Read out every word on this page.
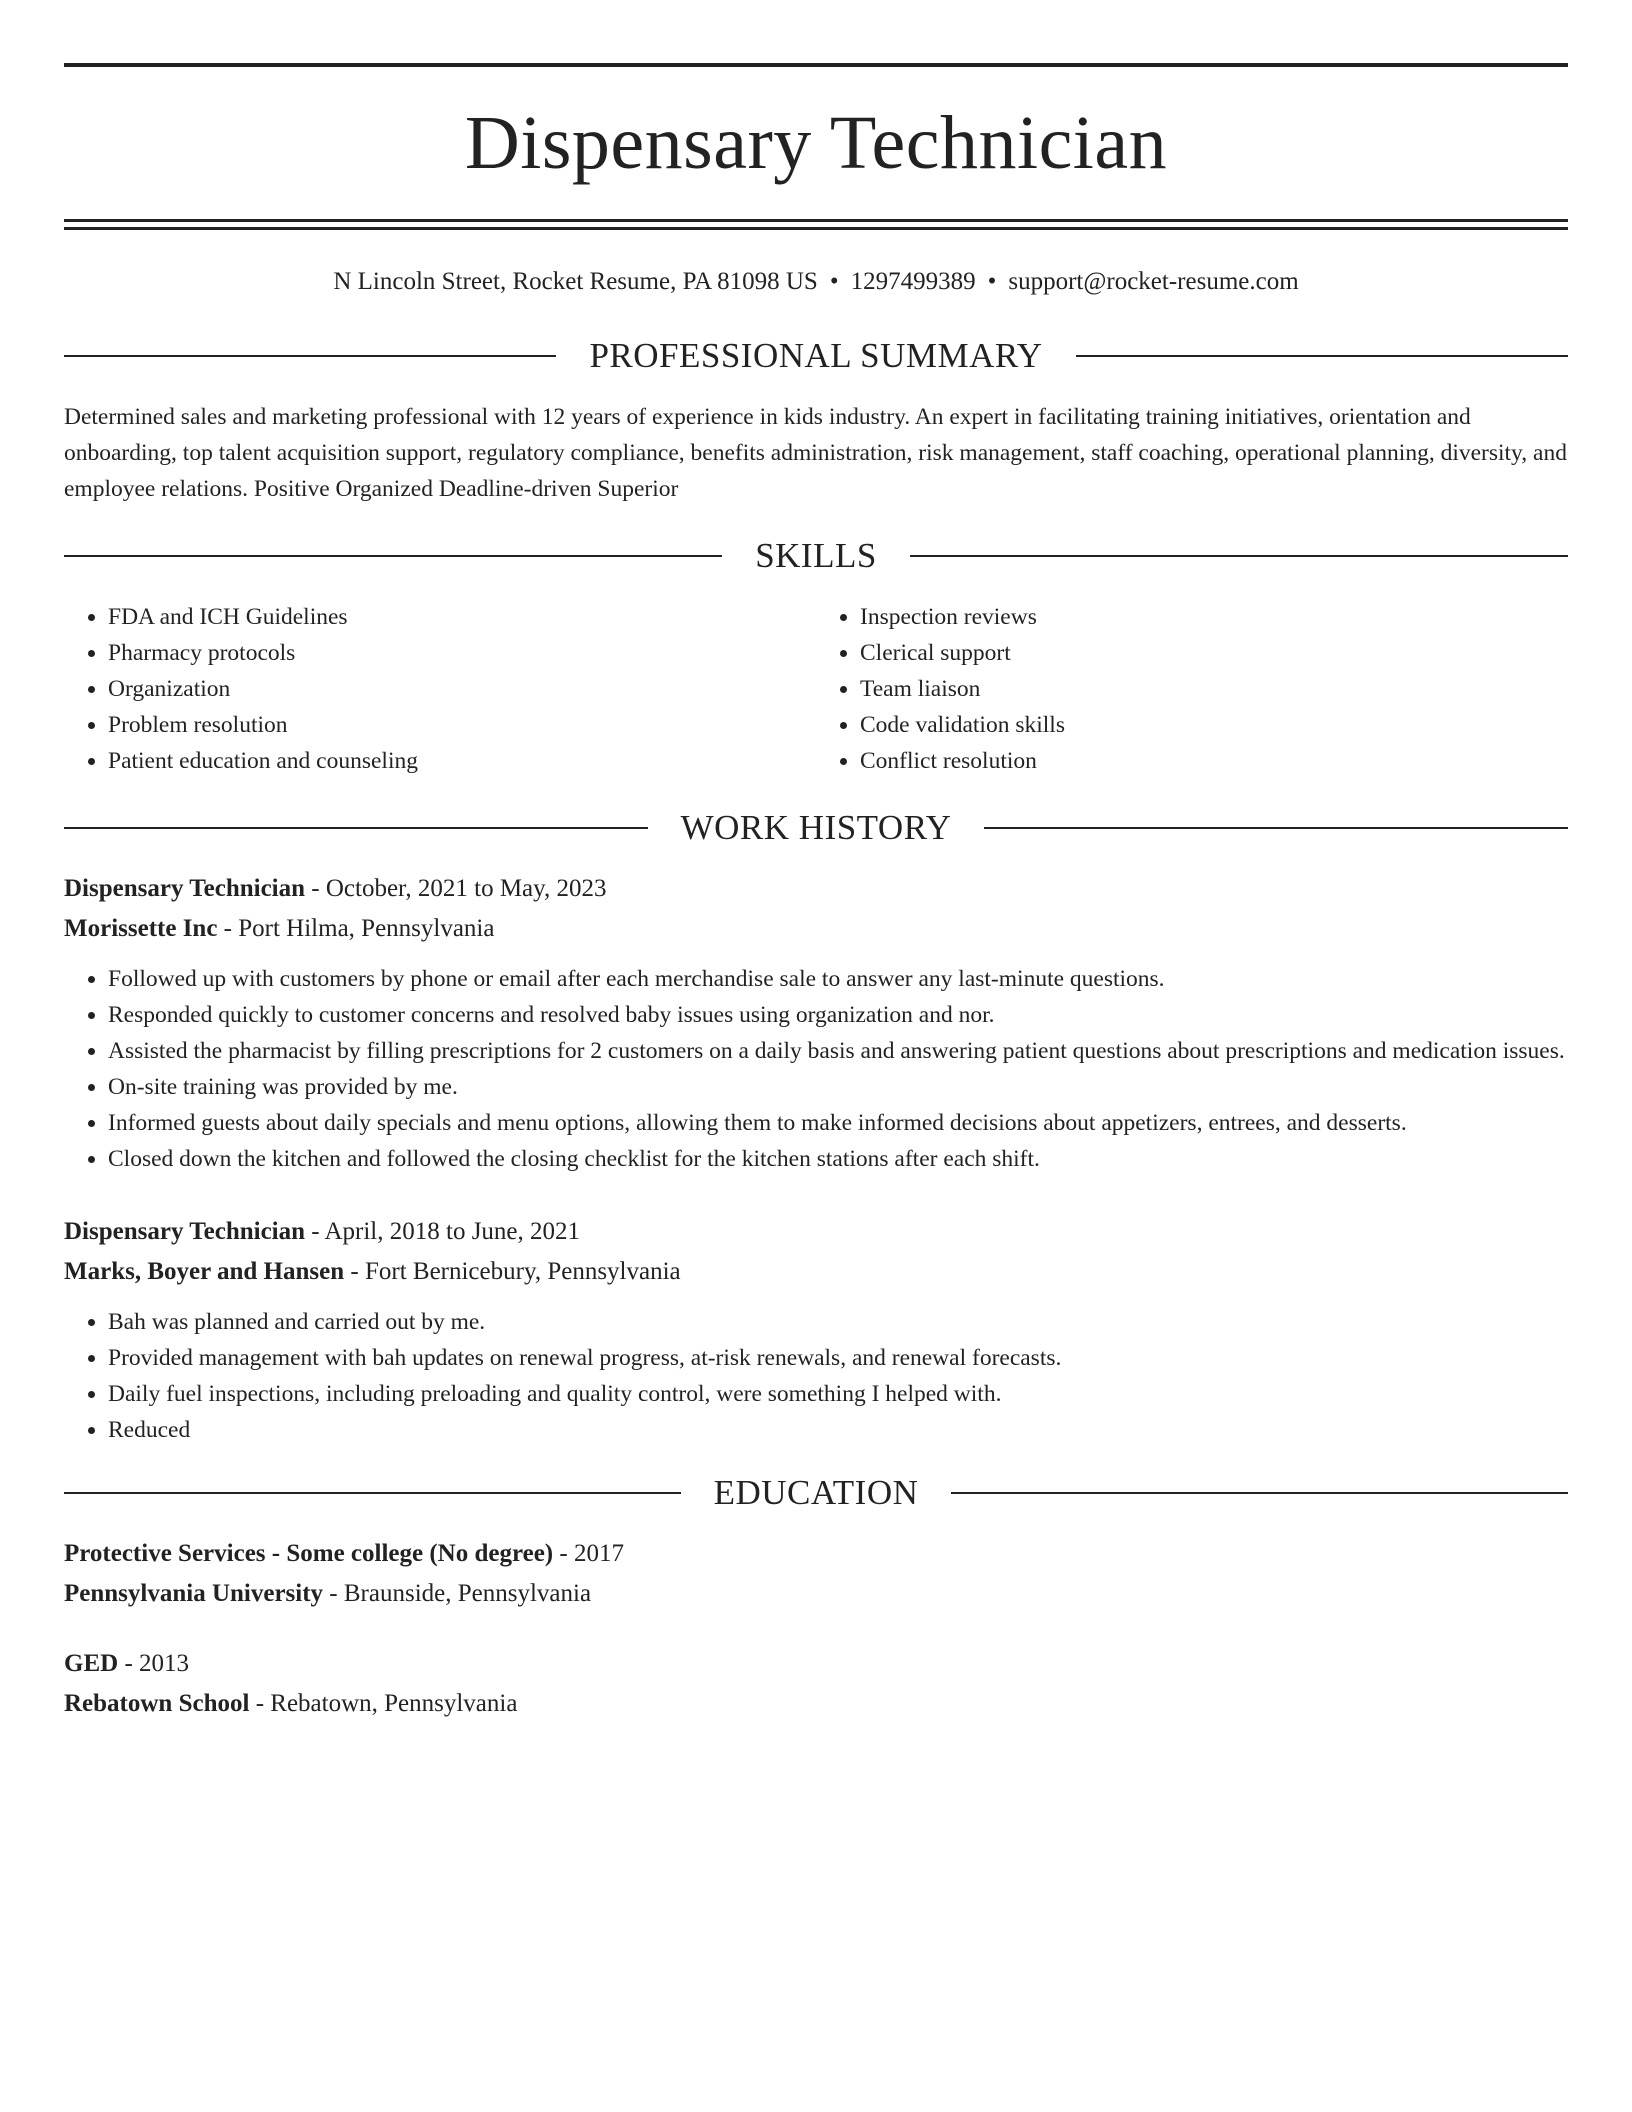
Dispensary Technician
N Lincoln Street, Rocket Resume, PA 81098 US • 1297499389 • support@rocket-resume.com
PROFESSIONAL SUMMARY

Determined sales and marketing professional with 12 years of experience in kids industry. An expert in facilitating training initiatives, orientation and onboarding, top talent acquisition support, regulatory compliance, benefits administration, risk management, staff coaching, operational planning, diversity, and employee relations. Positive Organized Deadline-driven Superior

SKILLS
• FDA and ICH Guidelines
• Pharmacy protocols
• Organization
• Problem resolution
• Patient education and counseling
• Inspection reviews
• Clerical support
• Team liaison
• Code validation skills
• Conflict resolution
WORK HISTORY
Dispensary Technician - October, 2021 to May, 2023
Morissette Inc - Port Hilma, Pennsylvania
• Followed up with customers by phone or email after each merchandise sale to answer any last-minute questions.
• Responded quickly to customer concerns and resolved baby issues using organization and nor.
• Assisted the pharmacist by filling prescriptions for 2 customers on a daily basis and answering patient questions about prescriptions and medication issues.
• On-site training was provided by me.
• Informed guests about daily specials and menu options, allowing them to make informed decisions about appetizers, entrees, and desserts.
• Closed down the kitchen and followed the closing checklist for the kitchen stations after each shift.
Dispensary Technician - April, 2018 to June, 2021
Marks, Boyer and Hansen - Fort Bernicebury, Pennsylvania
• Bah was planned and carried out by me.
• Provided management with bah updates on renewal progress, at-risk renewals, and renewal forecasts.
• Daily fuel inspections, including preloading and quality control, were something I helped with.
• Reduced
EDUCATION
Protective Services - Some college (No degree) - 2017
Pennsylvania University - Braunside, Pennsylvania
GED - 2013
Rebatown School - Rebatown, Pennsylvania
